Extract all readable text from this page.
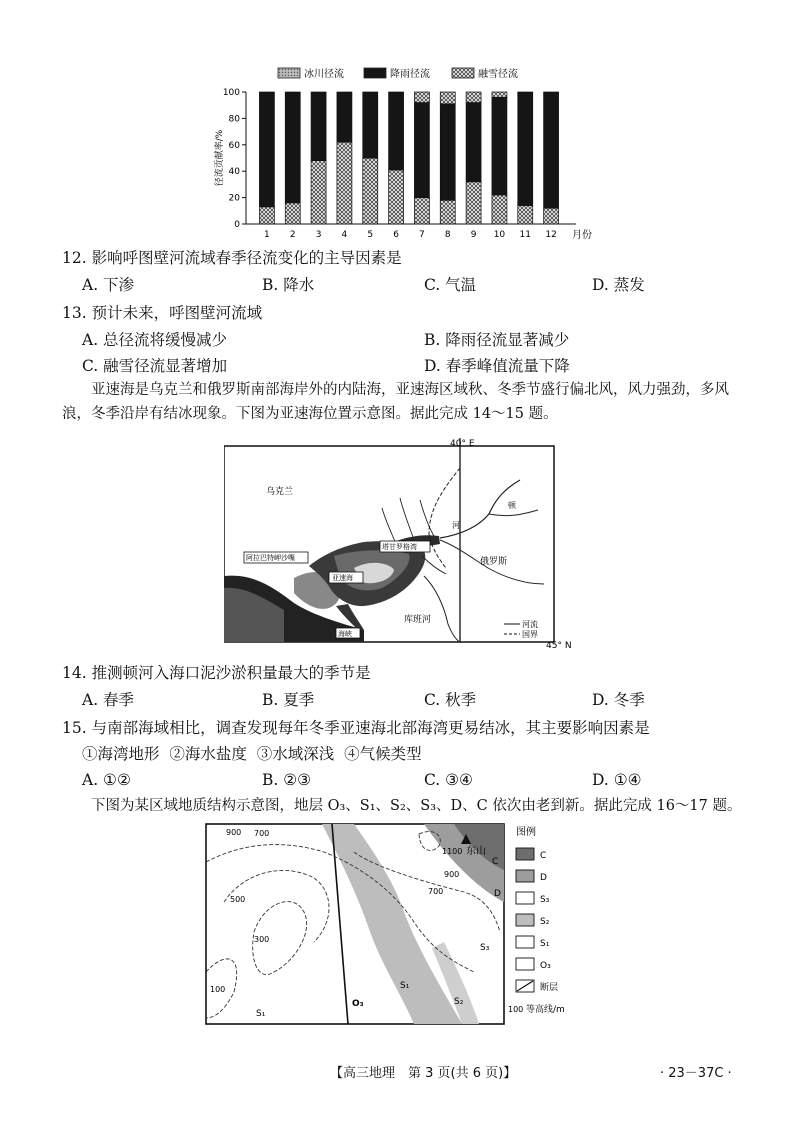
冰川径流	降雨径流	融雪径流
径流贡献率/%
0
20
40
60
80
100
1 2 3 4 5 6 7 8 9 10 11 12 月份
12. 影响呼图壁河流域春季径流变化的主导因素是
A. 下渗	B. 降水	C. 气温	D. 蒸发
13. 预计未来，呼图壁河流域
A. 总径流将缓慢减少	B. 降雨径流显著减少
C. 融雪径流显著增加	D. 春季峰值流量下降
亚速海是乌克兰和俄罗斯南部海岸外的内陆海，亚速海区域秋、冬季节盛行偏北风，风力强劲，多风浪，冬季沿岸有结冰现象。下图为亚速海位置示意图。据此完成 14～15 题。
40° E
45° N
乌克兰
俄罗斯
顿
河
塔甘罗格湾
阿拉巴特岬沙嘴
亚速海
库班河
海峡
河流
国界
14. 推测顿河入海口泥沙淤积量最大的季节是
A. 春季	B. 夏季	C. 秋季	D. 冬季
15. 与南部海域相比，调查发现每年冬季亚速海北部海湾更易结冰，其主要影响因素是
①海湾地形  ②海水盐度  ③水域深浅  ④气候类型
A. ①②	B. ②③	C. ③④	D. ①④
下图为某区域地质结构示意图，地层 O₃、S₁、S₂、S₃、D、C 依次由老到新。据此完成 16～17 题。
900 700
500
300
100
700
900
1100 东山
C
D
S₃
S₂
S₁
S₁
O₃
图例
C
D
S₃
S₂
S₁
O₃
断层
100 等高线/m
【高三地理　第 3 页(共 6 页)】	· 23－37C ·
